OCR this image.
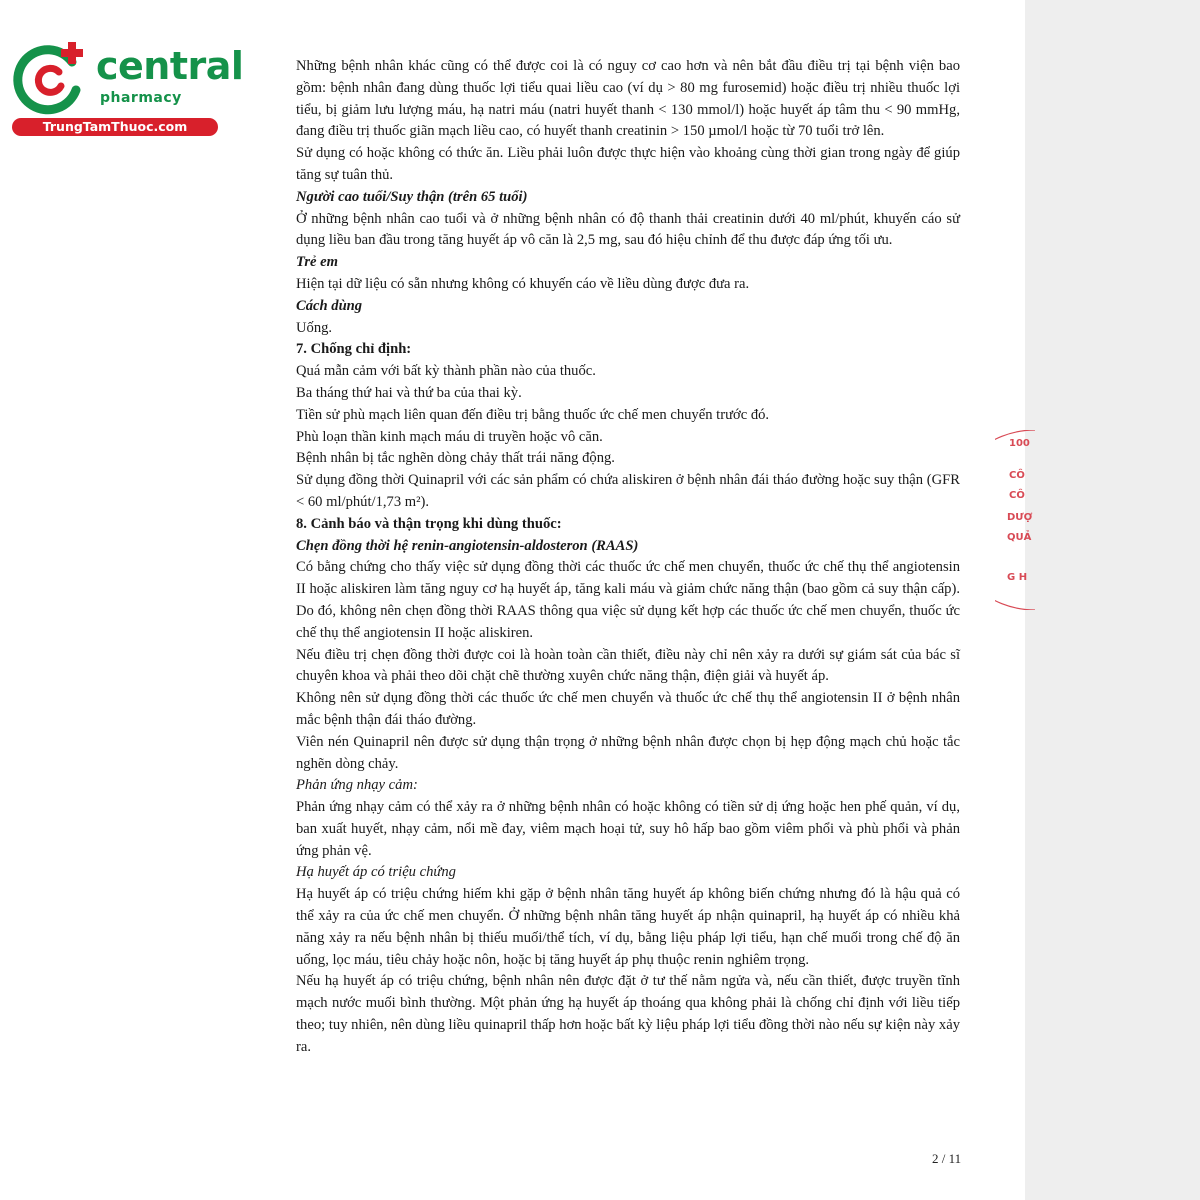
central
pharmacy
TrungTamThuoc.com

Những bệnh nhân khác cũng có thể được coi là có nguy cơ cao hơn và nên bắt đầu điều trị tại bệnh viện bao gồm: bệnh nhân đang dùng thuốc lợi tiểu quai liều cao (ví dụ > 80 mg furosemid) hoặc điều trị nhiều thuốc lợi tiểu, bị giảm lưu lượng máu, hạ natri máu (natri huyết thanh < 130 mmol/l) hoặc huyết áp tâm thu < 90 mmHg, đang điều trị thuốc giãn mạch liều cao, có huyết thanh creatinin > 150 µmol/l hoặc từ 70 tuổi trở lên.

Sử dụng có hoặc không có thức ăn. Liều phải luôn được thực hiện vào khoảng cùng thời gian trong ngày để giúp tăng sự tuân thủ.

Người cao tuổi/Suy thận (trên 65 tuổi)

Ở những bệnh nhân cao tuổi và ở những bệnh nhân có độ thanh thải creatinin dưới 40 ml/phút, khuyến cáo sử dụng liều ban đầu trong tăng huyết áp vô căn là 2,5 mg, sau đó hiệu chỉnh để thu được đáp ứng tối ưu.

Trẻ em

Hiện tại dữ liệu có sẵn nhưng không có khuyến cáo về liều dùng được đưa ra.

Cách dùng

Uống.

7. Chống chỉ định:

Quá mẫn cảm với bất kỳ thành phần nào của thuốc.

Ba tháng thứ hai và thứ ba của thai kỳ.

Tiền sử phù mạch liên quan đến điều trị bằng thuốc ức chế men chuyển trước đó.

Phù loạn thần kinh mạch máu di truyền hoặc vô căn.

Bệnh nhân bị tắc nghẽn dòng chảy thất trái năng động.

Sử dụng đồng thời Quinapril với các sản phẩm có chứa aliskiren ở bệnh nhân đái tháo đường hoặc suy thận (GFR < 60 ml/phút/1,73 m²).

8. Cảnh báo và thận trọng khi dùng thuốc:

Chẹn đồng thời hệ renin-angiotensin-aldosteron (RAAS)

Có bằng chứng cho thấy việc sử dụng đồng thời các thuốc ức chế men chuyển, thuốc ức chế thụ thể angiotensin II hoặc aliskiren làm tăng nguy cơ hạ huyết áp, tăng kali máu và giảm chức năng thận (bao gồm cả suy thận cấp). Do đó, không nên chẹn đồng thời RAAS thông qua việc sử dụng kết hợp các thuốc ức chế men chuyển, thuốc ức chế thụ thể angiotensin II hoặc aliskiren.

Nếu điều trị chẹn đồng thời được coi là hoàn toàn cần thiết, điều này chỉ nên xảy ra dưới sự giám sát của bác sĩ chuyên khoa và phải theo dõi chặt chẽ thường xuyên chức năng thận, điện giải và huyết áp.

Không nên sử dụng đồng thời các thuốc ức chế men chuyển và thuốc ức chế thụ thể angiotensin II ở bệnh nhân mắc bệnh thận đái tháo đường.

Viên nén Quinapril nên được sử dụng thận trọng ở những bệnh nhân được chọn bị hẹp động mạch chủ hoặc tắc nghẽn dòng chảy.

Phản ứng nhạy cảm:

Phản ứng nhạy cảm có thể xảy ra ở những bệnh nhân có hoặc không có tiền sử dị ứng hoặc hen phế quản, ví dụ, ban xuất huyết, nhạy cảm, nổi mề đay, viêm mạch hoại tử, suy hô hấp bao gồm viêm phổi và phù phổi và phản ứng phản vệ.

Hạ huyết áp có triệu chứng

Hạ huyết áp có triệu chứng hiếm khi gặp ở bệnh nhân tăng huyết áp không biến chứng nhưng đó là hậu quả có thể xảy ra của ức chế men chuyển. Ở những bệnh nhân tăng huyết áp nhận quinapril, hạ huyết áp có nhiều khả năng xảy ra nếu bệnh nhân bị thiếu muối/thể tích, ví dụ, bằng liệu pháp lợi tiểu, hạn chế muối trong chế độ ăn uống, lọc máu, tiêu chảy hoặc nôn, hoặc bị tăng huyết áp phụ thuộc renin nghiêm trọng.

Nếu hạ huyết áp có triệu chứng, bệnh nhân nên được đặt ở tư thế nằm ngửa và, nếu cần thiết, được truyền tĩnh mạch nước muối bình thường. Một phản ứng hạ huyết áp thoáng qua không phải là chống chỉ định với liều tiếp theo; tuy nhiên, nên dùng liều quinapril thấp hơn hoặc bất kỳ liệu pháp lợi tiểu đồng thời nào nếu sự kiện này xảy ra.

100
CÔ
CÔ
DƯỢ
QUẢ
G H
2 / 11
